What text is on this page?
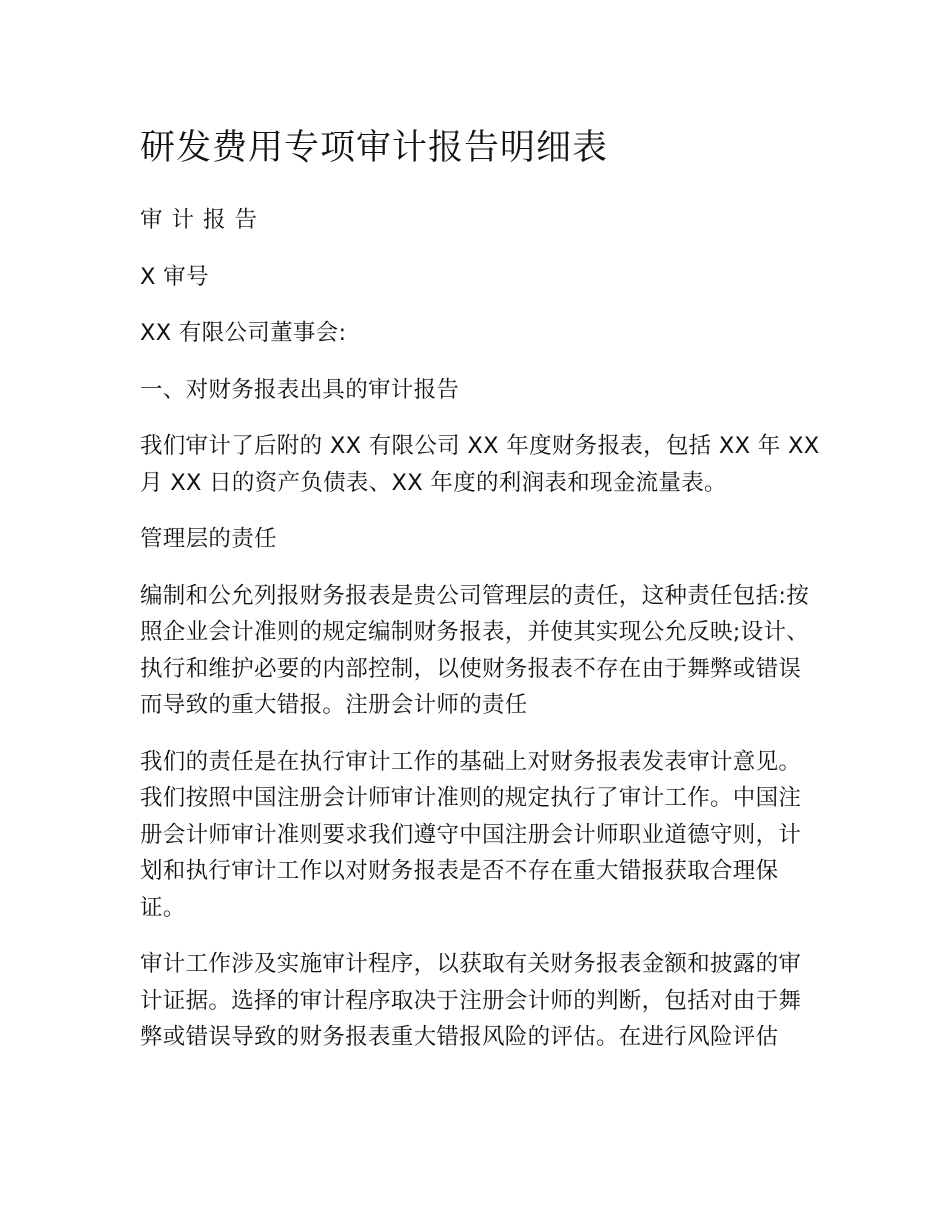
研发费用专项审计报告明细表

审计报告

X 审号

XX 有限公司董事会:

一、对财务报表出具的审计报告

我们审计了后附的 XX 有限公司 XX 年度财务报表，包括 XX 年 XX 月 XX 日的资产负债表、XX 年度的利润表和现金流量表。

管理层的责任

编制和公允列报财务报表是贵公司管理层的责任，这种责任包括:按照企业会计准则的规定编制财务报表，并使其实现公允反映;设计、执行和维护必要的内部控制，以使财务报表不存在由于舞弊或错误而导致的重大错报。注册会计师的责任

我们的责任是在执行审计工作的基础上对财务报表发表审计意见。我们按照中国注册会计师审计准则的规定执行了审计工作。中国注册会计师审计准则要求我们遵守中国注册会计师职业道德守则，计划和执行审计工作以对财务报表是否不存在重大错报获取合理保证。

审计工作涉及实施审计程序，以获取有关财务报表金额和披露的审计证据。选择的审计程序取决于注册会计师的判断，包括对由于舞弊或错误导致的财务报表重大错报风险的评估。在进行风险评估
